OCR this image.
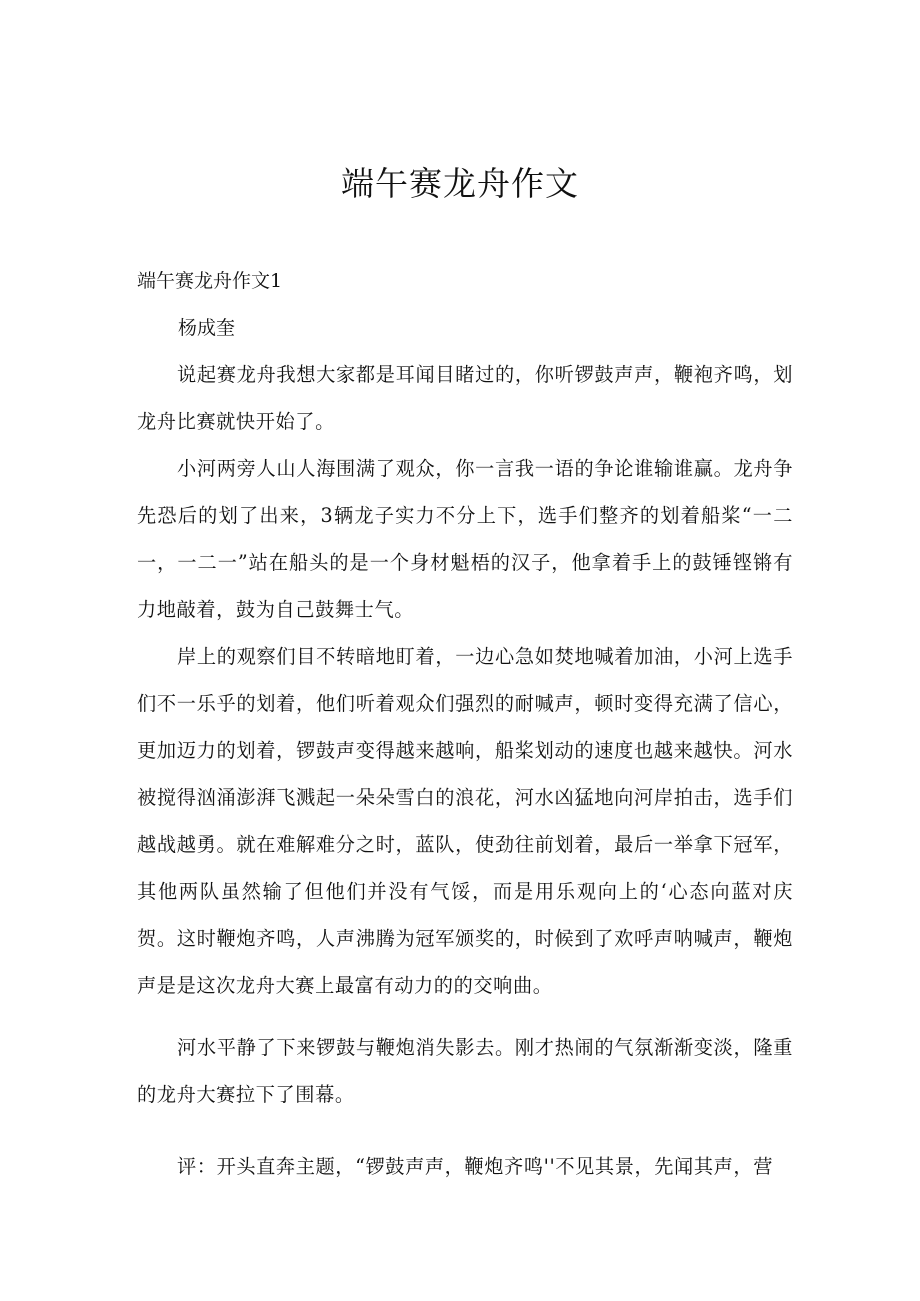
端午赛龙舟作文
端午赛龙舟作文1

杨成奎

说起赛龙舟我想大家都是耳闻目睹过的，你听锣鼓声声，鞭袍齐鸣，划龙舟比赛就快开始了。

小河两旁人山人海围满了观众，你一言我一语的争论谁输谁赢。龙舟争先恐后的划了出来，3辆龙子实力不分上下，选手们整齐的划着船桨“一二一，一二一”站在船头的是一个身材魁梧的汉子，他拿着手上的鼓锤铿锵有力地敲着，鼓为自己鼓舞士气。

岸上的观察们目不转暗地盯着，一边心急如焚地喊着加油，小河上选手们不一乐乎的划着，他们听着观众们强烈的耐喊声，顿时变得充满了信心，更加迈力的划着，锣鼓声变得越来越响，船桨划动的速度也越来越快。河水被搅得汹涌澎湃飞溅起一朵朵雪白的浪花，河水凶猛地向河岸拍击，选手们越战越勇。就在难解难分之时，蓝队，使劲往前划着，最后一举拿下冠军，其他两队虽然输了但他们并没有气馁，而是用乐观向上的‘心态向蓝对庆贺。这时鞭炮齐鸣，人声沸腾为冠军颁奖的，时候到了欢呼声呐喊声，鞭炮声是是这次龙舟大赛上最富有动力的的交响曲。

河水平静了下来锣鼓与鞭炮消失影去。刚才热闹的气氛渐渐变淡，隆重的龙舟大赛拉下了围幕。

评：开头直奔主题，“锣鼓声声，鞭炮齐鸣''不见其景，先闻其声，营
